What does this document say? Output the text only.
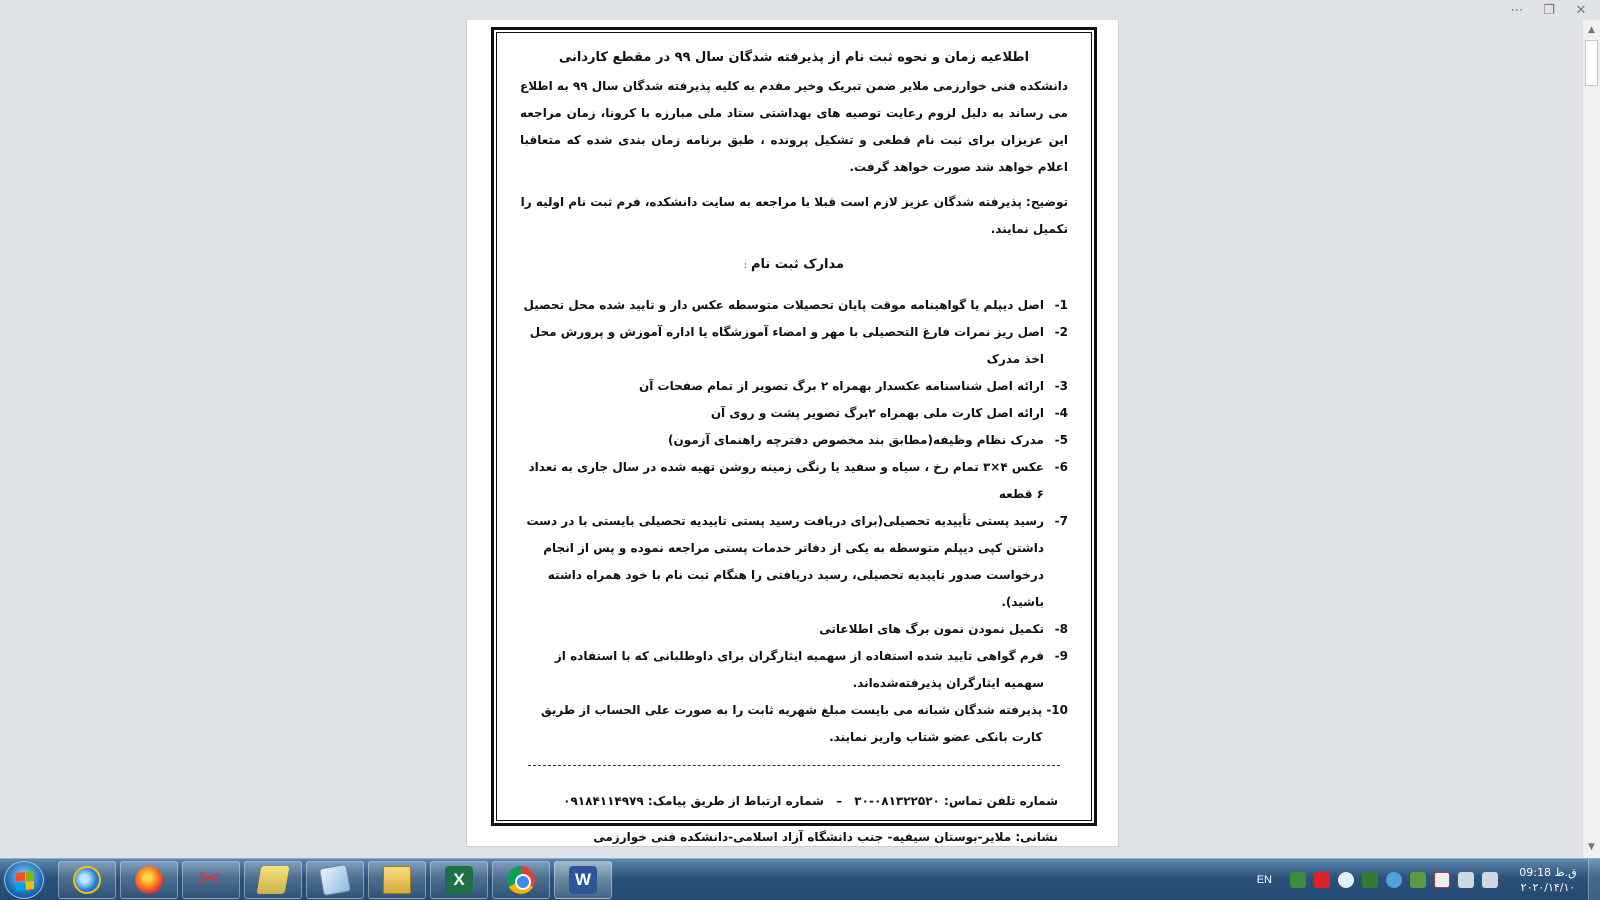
⋯	❐	✕
▲
▼
اطلاعیه زمان و نحوه ثبت نام از پذیرفته شدگان سال ۹۹ در مقطع کاردانی
دانشکده فنی خوارزمی ملایر ضمن تبریک وخیر مقدم به کلیه پذیرفته شدگان سال ۹۹ به اطلاع می رساند به دلیل لزوم رعایت توصیه های بهداشتی ستاد ملی مبارزه با کرونا، زمان مراجعه این عزیزان برای ثبت نام قطعی و تشکیل پرونده ، طبق برنامه زمان بندی شده که متعاقبا اعلام خواهد شد صورت خواهد گرفت.
توضیح: پذیرفته شدگان عزیز لازم است قبلا با مراجعه به سایت دانشکده، فرم ثبت نام اولیه را تکمیل نمایند.
مدارک ثبت نام:
1-
اصل دیپلم یا گواهینامه موقت پایان تحصیلات متوسطه عکس دار و تایید شده محل تحصیل
2-
اصل ریز نمرات فارغ التحصیلی با مهر و امضاء آموزشگاه یا اداره آموزش و پرورش محل اخذ مدرک
3-
ارائه اصل شناسنامه عکسدار بهمراه ۲ برگ تصویر از تمام صفحات آن
4-
ارائه اصل کارت ملی بهمراه ۲برگ تصویر پشت و روی آن
5-
مدرک نظام وظیفه(مطابق بند مخصوص دفترچه راهنمای آزمون)
6-
عکس ۴×۳ تمام رخ ، سیاه و سفید یا رنگی زمینه روشن تهیه شده در سال جاری به تعداد ۶ قطعه
7-
رسید پستی تأییدیه تحصیلی(برای دریافت رسید پستی تاییدیه تحصیلی بایستی با در دست داشتن کپی دیپلم متوسطه به یکی از دفاتر خدمات پستی مراجعه نموده و پس از انجام درخواست صدور تاییدیه تحصیلی، رسید دریافتی را هنگام ثبت نام با خود همراه داشته باشید).
8-
تکمیل نمودن نمون برگ های اطلاعاتی
9-
فرم گواهی تایید شده استفاده از سهمیه ایثارگران برای داوطلبانی که با استفاده از سهمیه ایثارگران پذیرفته‌شده‌اند.
10-
پذیرفته شدگان شبانه می بایست مبلغ شهریه ثابت را به صورت علی الحساب از طریق کارت بانکی عضو شتاب واریز نمایند.
شماره تلفن تماس: ۰۸۱۳۲۲۵۲۰-۳۰ – شماره ارتباط از طریق پیامک: ۰۹۱۸۴۱۱۴۹۷۹
نشانی: ملایر-بوستان سیفیه- جنب دانشگاه آزاد اسلامی-دانشکده فنی خوارزمی
✂
X	W	EN
09:18 ق.ظ
۲۰۲۰/۱۴/۱۰
